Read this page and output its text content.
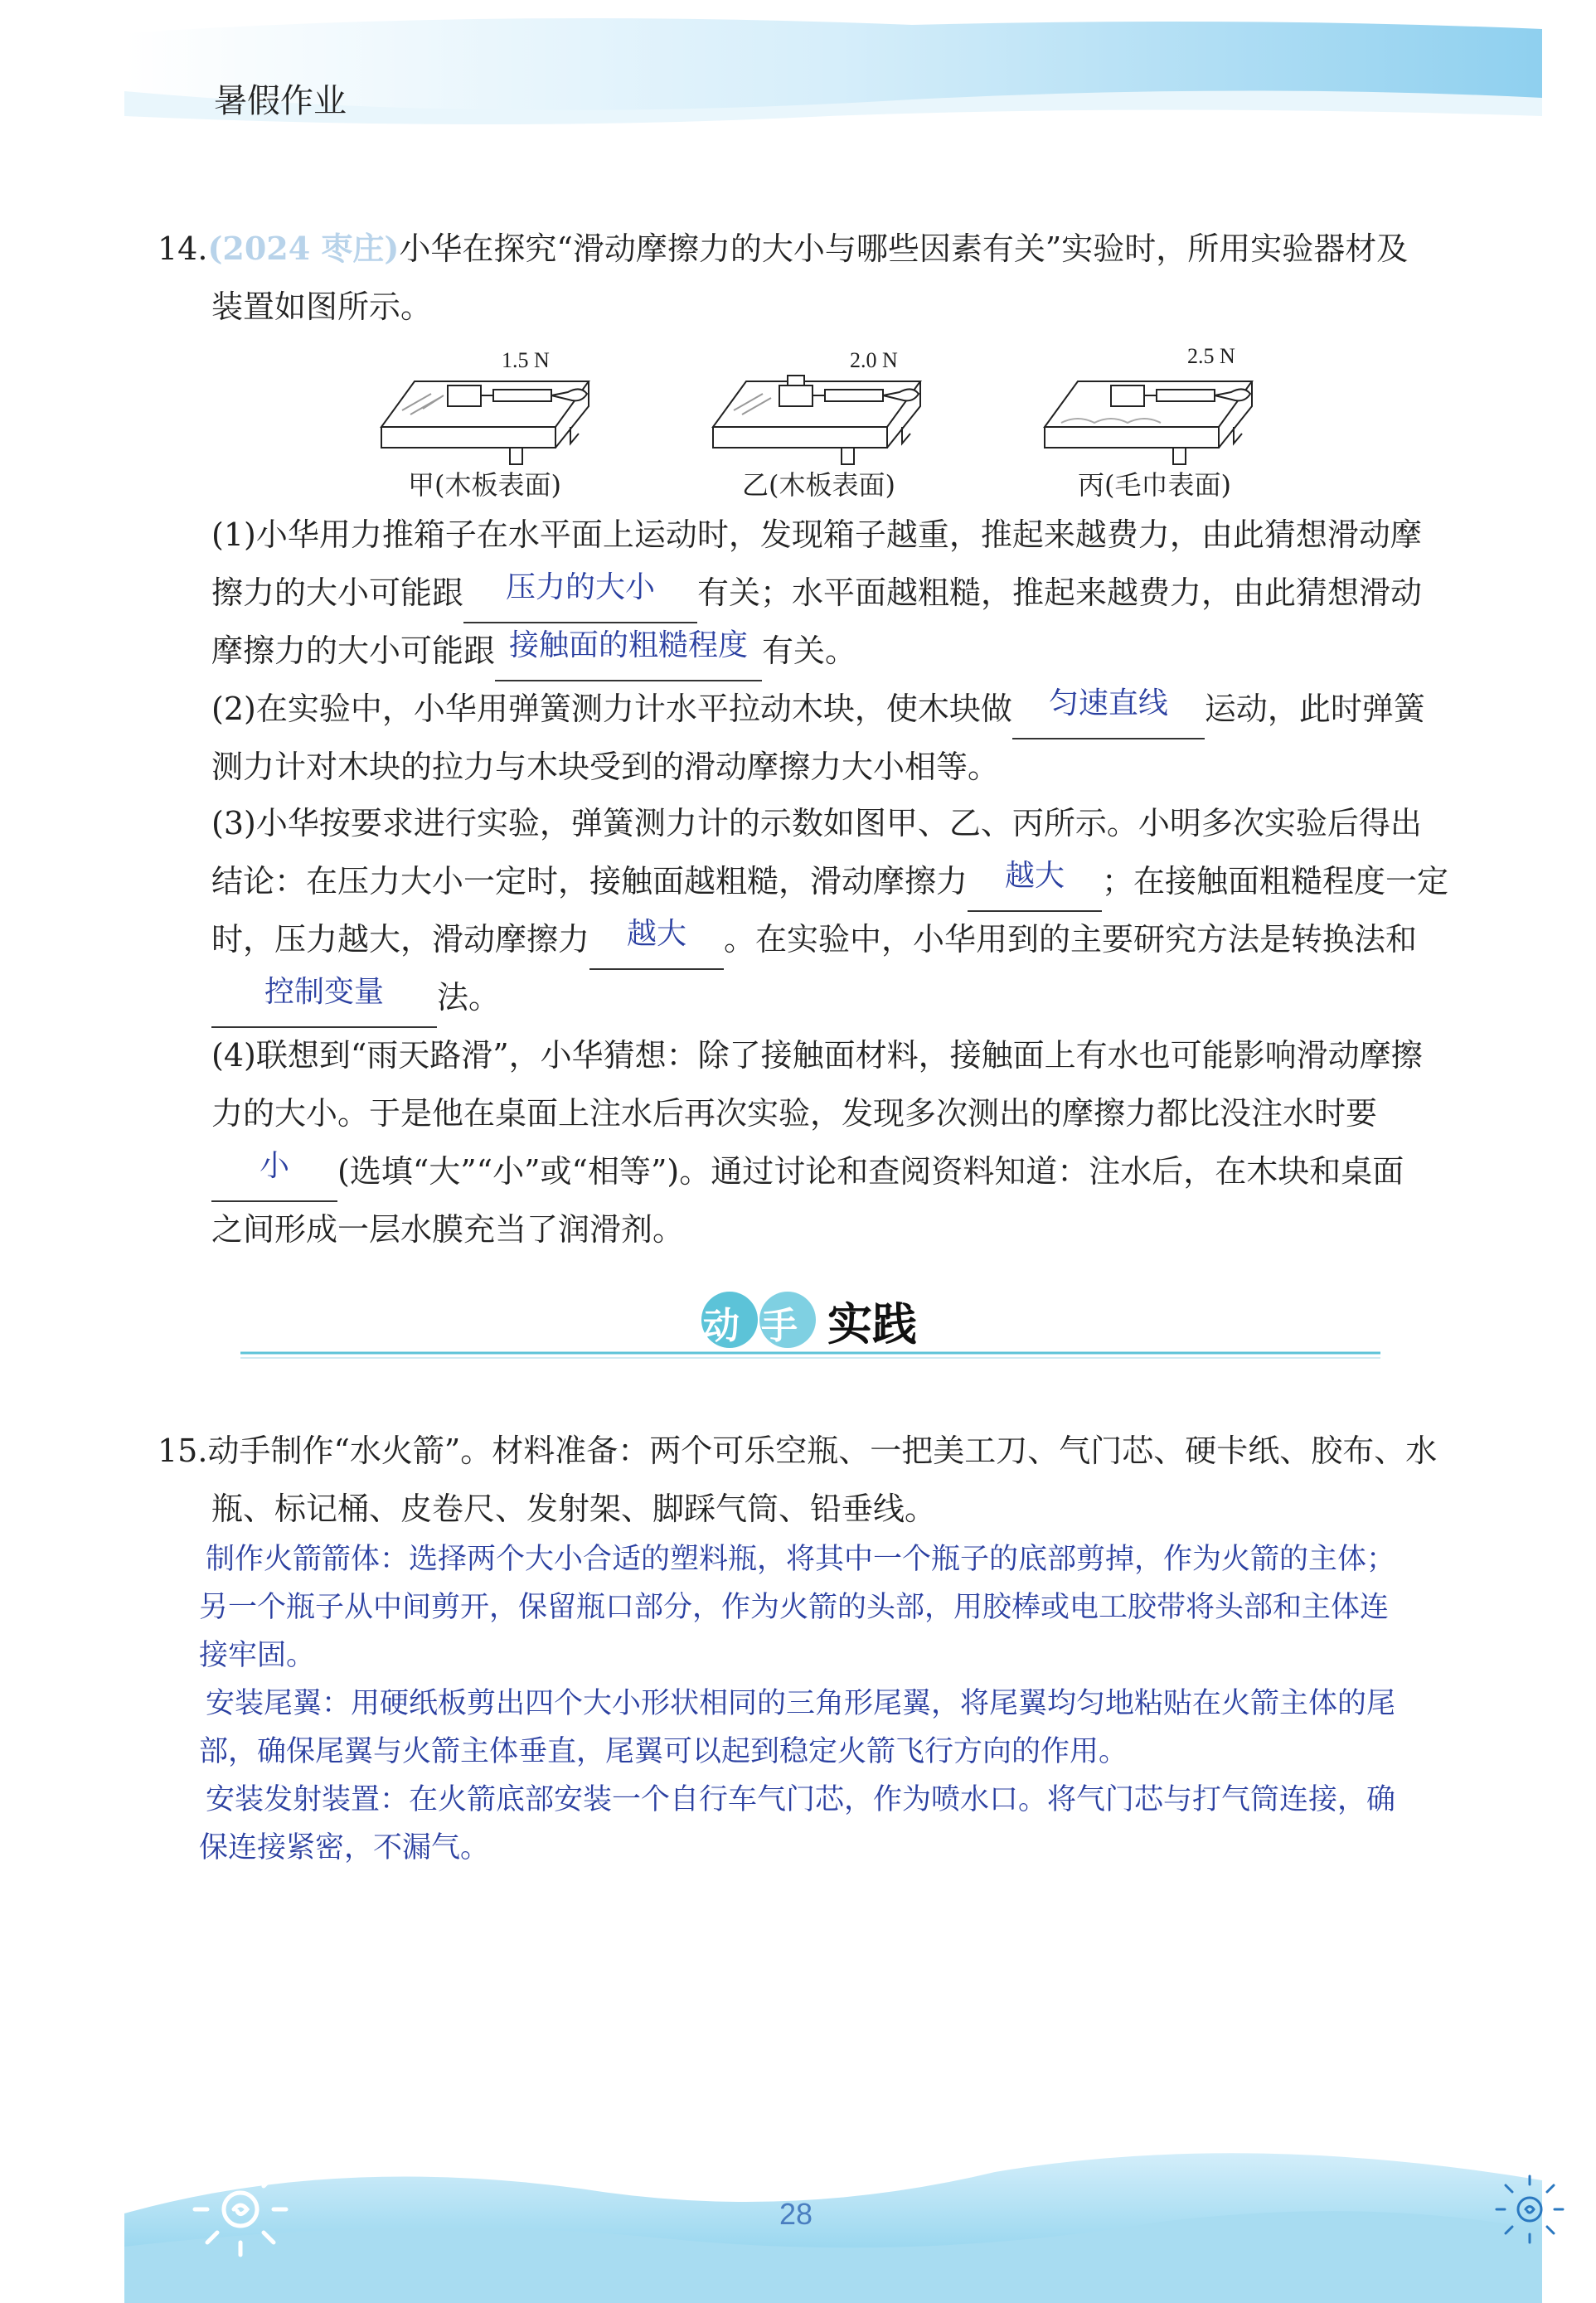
暑假作业
14.(2024 枣庄)小华在探究“滑动摩擦力的大小与哪些因素有关”实验时，所用实验器材及
装置如图所示。
1.5 N	2.0 N	2.5 N
甲(木板表面)	乙(木板表面)	丙(毛巾表面)
(1)小华用力推箱子在水平面上运动时，发现箱子越重，推起来越费力，由此猜想滑动摩
擦力的大小可能跟	压力的大小	有关；水平面越粗糙，推起来越费力，由此猜想滑动
摩擦力的大小可能跟 接触面的粗糙程度 有关。
(2)在实验中，小华用弹簧测力计水平拉动木块，使木块做	匀速直线	运动，此时弹簧
测力计对木块的拉力与木块受到的滑动摩擦力大小相等。
(3)小华按要求进行实验，弹簧测力计的示数如图甲、乙、丙所示。小明多次实验后得出
结论：在压力大小一定时，接触面越粗糙，滑动摩擦力	越大	；在接触面粗糙程度一定
时，压力越大，滑动摩擦力	越大	。在实验中，小华用到的主要研究方法是转换法和
控制变量	法。
(4)联想到“雨天路滑”，小华猜想：除了接触面材料，接触面上有水也可能影响滑动摩擦
力的大小。于是他在桌面上注水后再次实验，发现多次测出的摩擦力都比没注水时要
小	(选填“大”“小”或“相等”)。通过讨论和查阅资料知道：注水后，在木块和桌面
之间形成一层水膜充当了润滑剂。
动 手 实践
15.动手制作“水火箭”。材料准备：两个可乐空瓶、一把美工刀、气门芯、硬卡纸、胶布、水
瓶、标记桶、皮卷尺、发射架、脚踩气筒、铅垂线。
制作火箭箭体：选择两个大小合适的塑料瓶，将其中一个瓶子的底部剪掉，作为火箭的主体；
另一个瓶子从中间剪开，保留瓶口部分，作为火箭的头部，用胶棒或电工胶带将头部和主体连
接牢固。
安装尾翼：用硬纸板剪出四个大小形状相同的三角形尾翼，将尾翼均匀地粘贴在火箭主体的尾
部，确保尾翼与火箭主体垂直，尾翼可以起到稳定火箭飞行方向的作用。
安装发射装置：在火箭底部安装一个自行车气门芯，作为喷水口。将气门芯与打气筒连接，确
保连接紧密，不漏气。
28
